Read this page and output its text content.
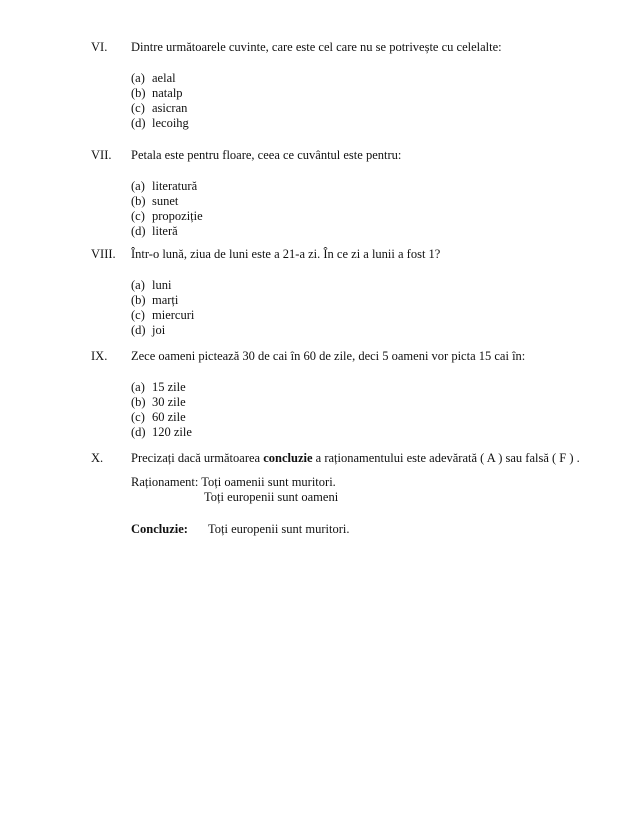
VI.	Dintre următoarele cuvinte, care este cel care nu se potrivește cu celelalte:
(a) aelal
(b) natalp
(c) asicran
(d) lecoihg
VII.	Petala este pentru floare, ceea ce cuvântul este pentru:
(a) literatură
(b) sunet
(c) propoziție
(d) literă
VIII.	Într-o lună, ziua de luni este a 21-a zi. În ce zi a lunii a fost 1?
(a) luni
(b) marți
(c) miercuri
(d) joi
IX.	Zece oameni pictează 30 de cai în 60 de zile, deci 5 oameni vor picta 15 cai în:
(a) 15 zile
(b) 30 zile
(c) 60 zile
(d) 120 zile
X.	Precizați dacă următoarea concluzie a raționamentului este adevărată ( A ) sau falsă ( F ) .
Raționament: Toți oamenii sunt muritori.
Toți europenii sunt oameni
Concluzie: Toți europenii sunt muritori.
